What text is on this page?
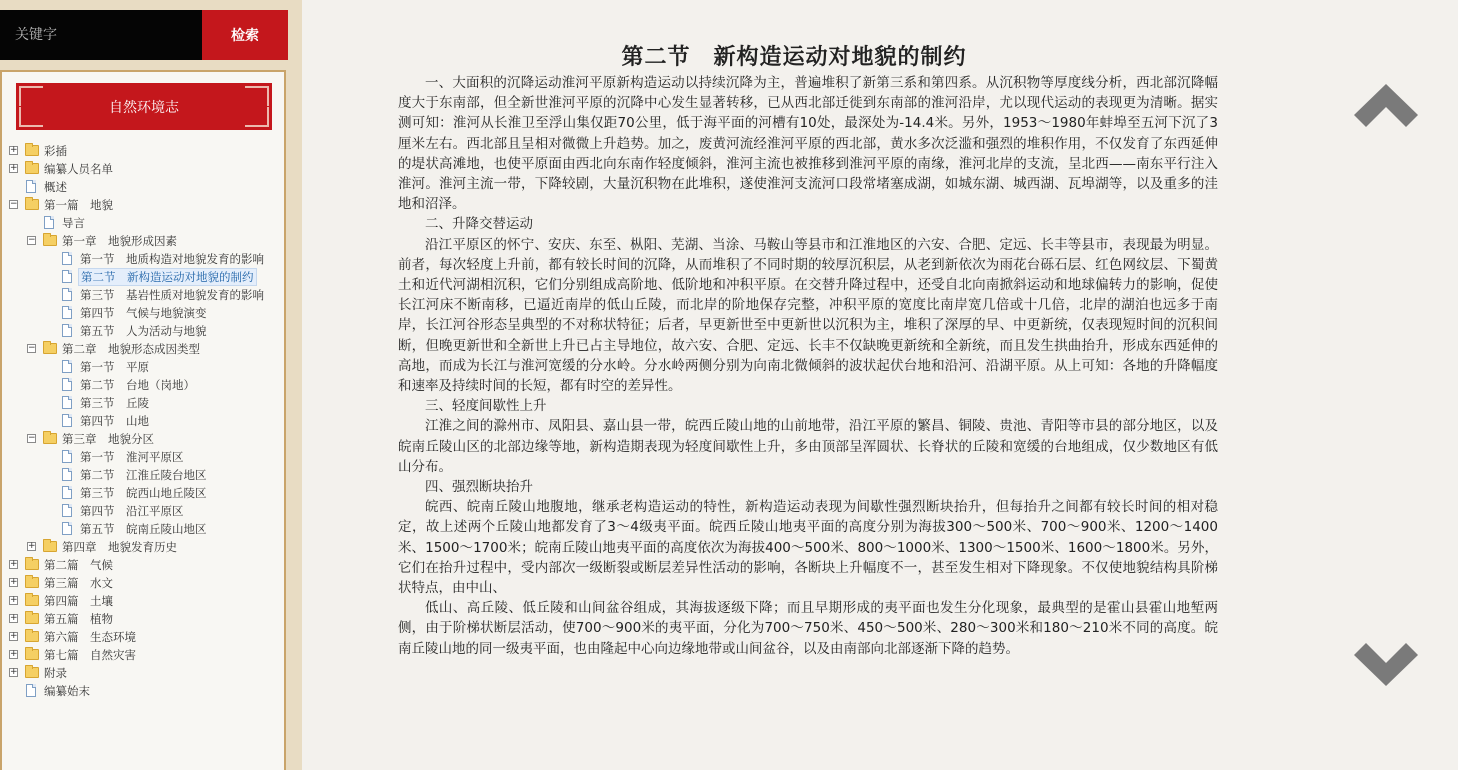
关键字
检索
自然环境志
+ 彩插
+ 编纂人员名单
概述
− 第一篇　地貌
导言
− 第一章　地貌形成因素
第一节　地质构造对地貌发育的影响
第二节　新构造运动对地貌的制约
第三节　基岩性质对地貌发育的影响
第四节　气候与地貌演变
第五节　人为活动与地貌
− 第二章　地貌形态成因类型
第一节　平原
第二节　台地（岗地）
第三节　丘陵
第四节　山地
− 第三章　地貌分区
第一节　淮河平原区
第二节　江淮丘陵台地区
第三节　皖西山地丘陵区
第四节　沿江平原区
第五节　皖南丘陵山地区
+ 第四章　地貌发育历史
+ 第二篇　气候
+ 第三篇　水文
+ 第四篇　土壤
+ 第五篇　植物
+ 第六篇　生态环境
+ 第七篇　自然灾害
+ 附录
编纂始末
第二节　新构造运动对地貌的制约

一、大面积的沉降运动淮河平原新构造运动以持续沉降为主，普遍堆积了新第三系和第四系。从沉积物等厚度线分析，西北部沉降幅度大于东南部，但全新世淮河平原的沉降中心发生显著转移，已从西北部迁徙到东南部的淮河沿岸，尤以现代运动的表现更为清晰。据实测可知：淮河从长淮卫至浮山集仅距70公里，低于海平面的河槽有10处，最深处为-14.4米。另外，1953～1980年蚌埠至五河下沉了3厘米左右。西北部且呈相对微微上升趋势。加之，废黄河流经淮河平原的西北部，黄水多次泛滥和强烈的堆积作用，不仅发育了东西延伸的堤状高滩地，也使平原面由西北向东南作轻度倾斜，淮河主流也被推移到淮河平原的南缘，淮河北岸的支流，呈北西——南东平行注入淮河。淮河主流一带，下降较剧，大量沉积物在此堆积，遂使淮河支流河口段常堵塞成湖，如城东湖、城西湖、瓦埠湖等，以及重多的洼地和沼泽。

二、升降交替运动

沿江平原区的怀宁、安庆、东至、枞阳、芜湖、当涂、马鞍山等县市和江淮地区的六安、合肥、定远、长丰等县市，表现最为明显。前者，每次轻度上升前，都有较长时间的沉降，从而堆积了不同时期的较厚沉积层，从老到新依次为雨花台砾石层、红色网纹层、下蜀黄土和近代河湖相沉积，它们分别组成高阶地、低阶地和冲积平原。在交替升降过程中，还受自北向南掀斜运动和地球偏转力的影响，促使长江河床不断南移，已逼近南岸的低山丘陵，而北岸的阶地保存完整，冲积平原的宽度比南岸宽几倍或十几倍，北岸的湖泊也远多于南岸，长江河谷形态呈典型的不对称状特征；后者，早更新世至中更新世以沉积为主，堆积了深厚的早、中更新统，仅表现短时间的沉积间断，但晚更新世和全新世上升已占主导地位，故六安、合肥、定远、长丰不仅缺晚更新统和全新统，而且发生拱曲抬升，形成东西延伸的高地，而成为长江与淮河宽缓的分水岭。分水岭两侧分别为向南北微倾斜的波状起伏台地和沿河、沿湖平原。从上可知：各地的升降幅度和速率及持续时间的长短，都有时空的差异性。

三、轻度间歇性上升

江淮之间的滁州市、凤阳县、嘉山县一带，皖西丘陵山地的山前地带，沿江平原的繁昌、铜陵、贵池、青阳等市县的部分地区，以及皖南丘陵山区的北部边缘等地，新构造期表现为轻度间歇性上升，多由顶部呈浑圆状、长脊状的丘陵和宽缓的台地组成，仅少数地区有低山分布。

四、强烈断块抬升

皖西、皖南丘陵山地腹地，继承老构造运动的特性，新构造运动表现为间歇性强烈断块抬升，但每抬升之间都有较长时间的相对稳定，故上述两个丘陵山地都发育了3～4级夷平面。皖西丘陵山地夷平面的高度分别为海拔300～500米、700～900米、1200～1400米、1500～1700米；皖南丘陵山地夷平面的高度依次为海拔400～500米、800～1000米、1300～1500米、1600～1800米。另外，它们在抬升过程中，受内部次一级断裂或断层差异性活动的影响，各断块上升幅度不一，甚至发生相对下降现象。不仅使地貌结构具阶梯状特点，由中山、

低山、高丘陵、低丘陵和山间盆谷组成，其海拔逐级下降；而且早期形成的夷平面也发生分化现象，最典型的是霍山县霍山地堑两侧，由于阶梯状断层活动，使700～900米的夷平面，分化为700～750米、450～500米、280～300米和180～210米不同的高度。皖南丘陵山地的同一级夷平面，也由隆起中心向边缘地带或山间盆谷，以及由南部向北部逐渐下降的趋势。
